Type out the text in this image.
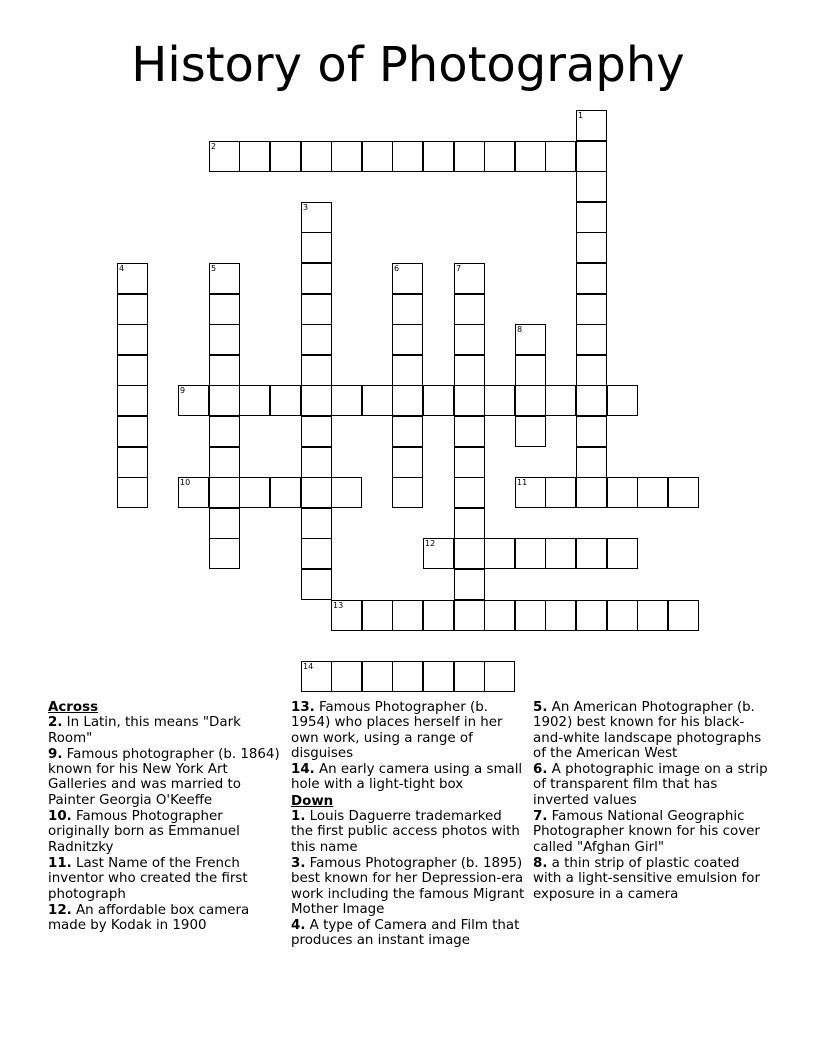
History of Photography
1
2
3
4	5	6	7
8
9
10	11
12
13
14
Across
2. In Latin, this means "Dark Room"
9. Famous photographer (b. 1864) known for his New York Art Galleries and was married to Painter Georgia O'Keeffe
10. Famous Photographer originally born as Emmanuel Radnitzky
11. Last Name of the French inventor who created the first photograph
12. An affordable box camera made by Kodak in 1900
13. Famous Photographer (b. 1954) who places herself in her own work, using a range of disguises
14. An early camera using a small hole with a light-tight box
Down
1. Louis Daguerre trademarked the first public access photos with this name
3. Famous Photographer (b. 1895) best known for her Depression-era work including the famous Migrant Mother Image
4. A type of Camera and Film that produces an instant image
5. An American Photographer (b. 1902) best known for his black-and-white landscape photographs of the American West
6. A photographic image on a strip of transparent film that has inverted values
7. Famous National Geographic Photographer known for his cover called "Afghan Girl"
8. a thin strip of plastic coated with a light-sensitive emulsion for exposure in a camera
